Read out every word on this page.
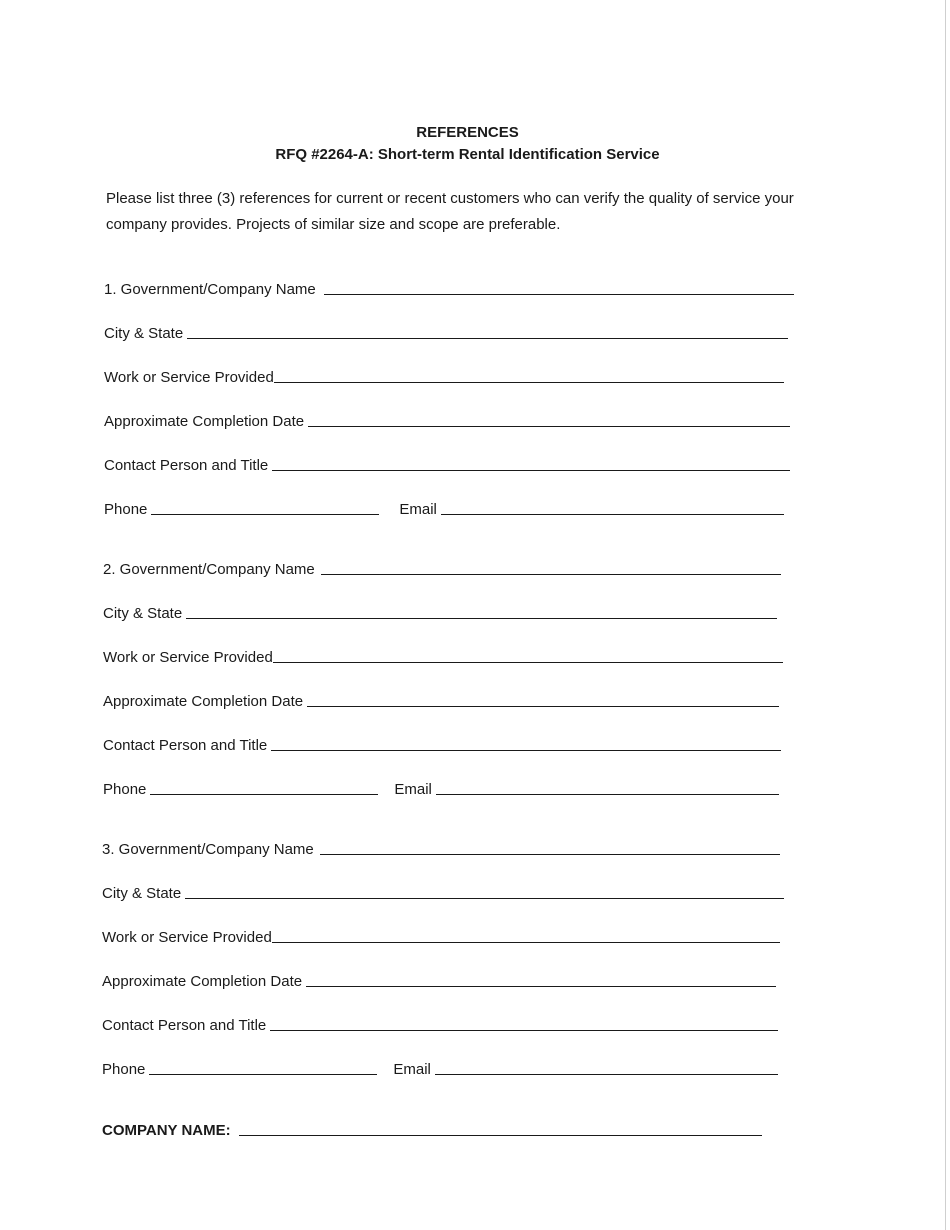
REFERENCES
RFQ #2264-A: Short-term Rental Identification Service
Please list three (3) references for current or recent customers who can verify the quality of service your company provides. Projects of similar size and scope are preferable.
1. Government/Company Name
City & State
Work or Service Provided
Approximate Completion Date
Contact Person and Title
Phone	Email
2. Government/Company Name
City & State
Work or Service Provided
Approximate Completion Date
Contact Person and Title
Phone	Email
3. Government/Company Name
City & State
Work or Service Provided
Approximate Completion Date
Contact Person and Title
Phone	Email
COMPANY NAME:
